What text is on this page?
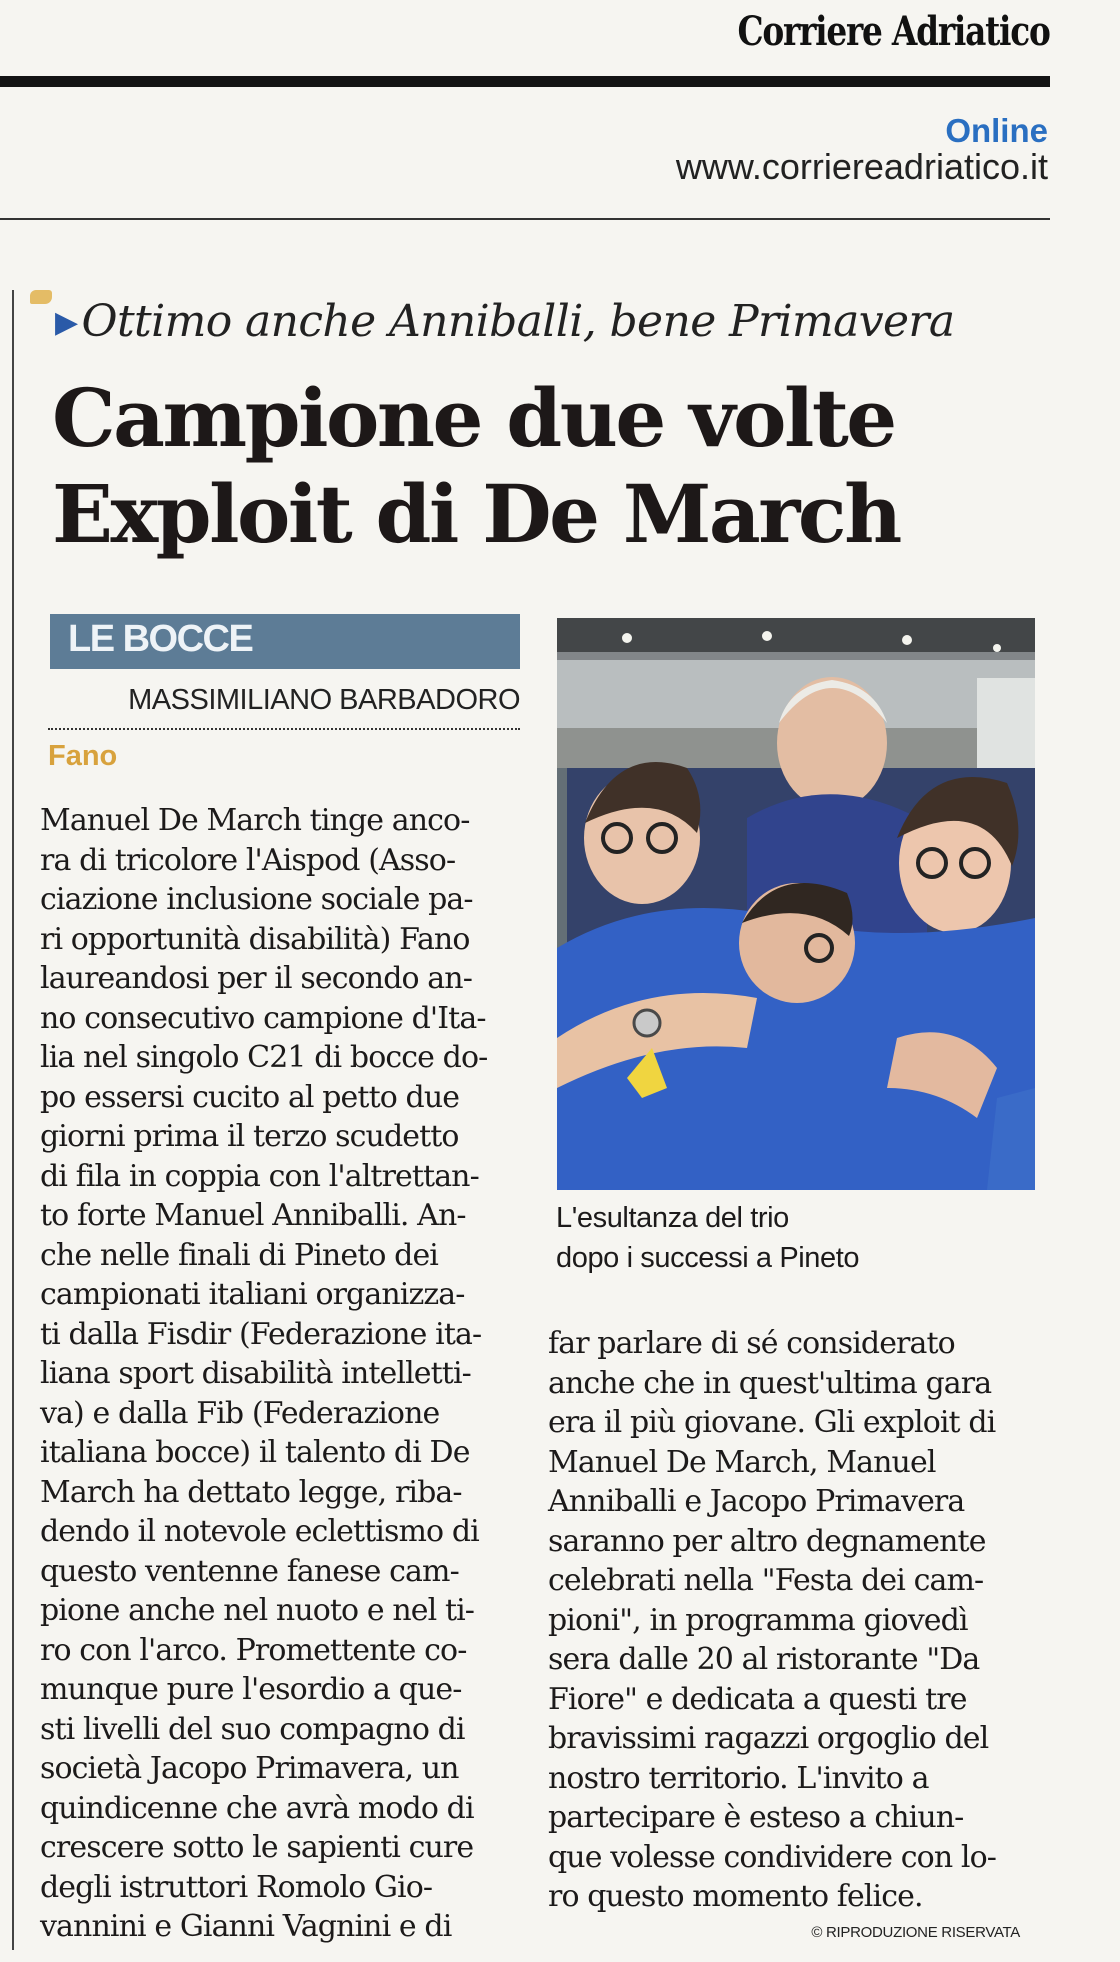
Corriere Adriatico
Online
www.corriereadriatico.it
▶Ottimo anche Anniballi, bene Primavera
Campione due volte
Exploit di De March
LE BOCCE
MASSIMILIANO BARBADORO
Fano
Manuel De March tinge anco-
ra di tricolore l'Aispod (Asso-
ciazione inclusione sociale pa-
ri opportunità disabilità) Fano
laureandosi per il secondo an-
no consecutivo campione d'Ita-
lia nel singolo C21 di bocce do-
po essersi cucito al petto due
giorni prima il terzo scudetto
di fila in coppia con l'altrettan-
to forte Manuel Anniballi. An-
che nelle finali di Pineto dei
campionati italiani organizza-
ti dalla Fisdir (Federazione ita-
liana sport disabilità intelletti-
va) e dalla Fib (Federazione
italiana bocce) il talento di De
March ha dettato legge, riba-
dendo il notevole eclettismo di
questo ventenne fanese cam-
pione anche nel nuoto e nel ti-
ro con l'arco. Promettente co-
munque pure l'esordio a que-
sti livelli del suo compagno di
società Jacopo Primavera, un
quindicenne che avrà modo di
crescere sotto le sapienti cure
degli istruttori Romolo Gio-
vannini e Gianni Vagnini e di
L'esultanza del trio
dopo i successi a Pineto
far parlare di sé considerato
anche che in quest'ultima gara
era il più giovane. Gli exploit di
Manuel De March, Manuel
Anniballi e Jacopo Primavera
saranno per altro degnamente
celebrati nella "Festa dei cam-
pioni", in programma giovedì
sera dalle 20 al ristorante "Da
Fiore" e dedicata a questi tre
bravissimi ragazzi orgoglio del
nostro territorio. L'invito a
partecipare è esteso a chiun-
que volesse condividere con lo-
ro questo momento felice.
© RIPRODUZIONE RISERVATA
